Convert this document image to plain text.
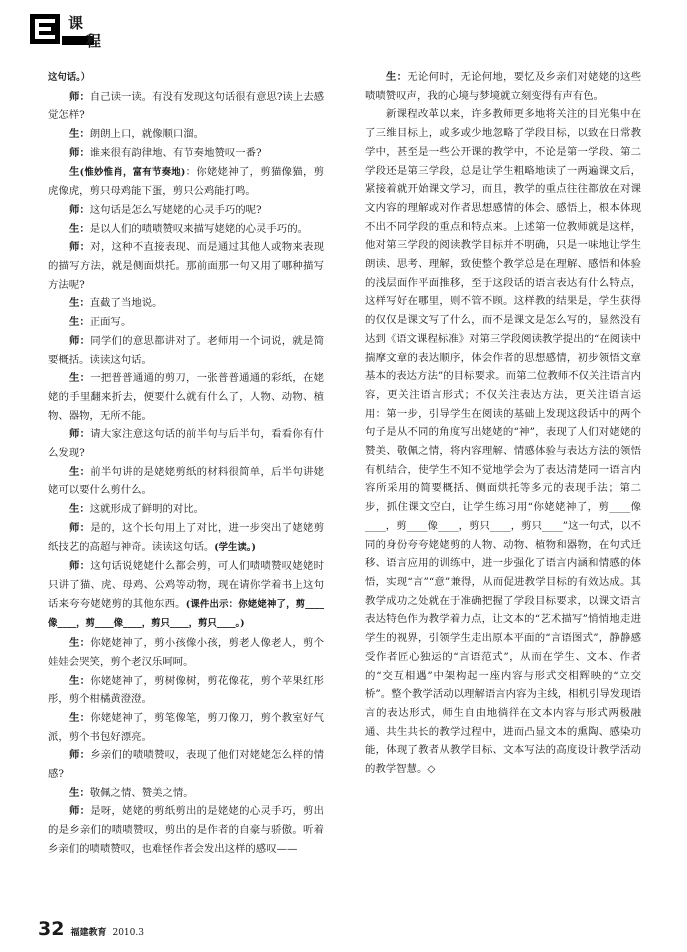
课
程

这句话。）

师：自己读一读。有没有发现这句话很有意思?读上去感觉怎样?

生：朗朗上口，就像顺口溜。

师：谁来很有韵律地、有节奏地赞叹一番?

生(惟妙惟肖，富有节奏地)：你姥姥神了，剪猫像猫，剪虎像虎，剪只母鸡能下蛋，剪只公鸡能打鸣。

师：这句话是怎么写姥姥的心灵手巧的呢?

生：是以人们的啧啧赞叹来描写姥姥的心灵手巧的。

师：对，这种不直接表现、而是通过其他人或物来表现的描写方法，就是侧面烘托。那前面那一句又用了哪种描写方法呢?

生：直截了当地说。

生：正面写。

师：同学们的意思都讲对了。老师用一个词说，就是简要概括。读读这句话。

生：一把普普通通的剪刀，一张普普通通的彩纸，在姥姥的手里翻来折去，便要什么就有什么了，人物、动物、植物、器物，无所不能。

师：请大家注意这句话的前半句与后半句，看看你有什么发现?

生：前半句讲的是姥姥剪纸的材料很简单，后半句讲姥姥可以要什么剪什么。

生：这就形成了鲜明的对比。

师：是的，这个长句用上了对比，进一步突出了姥姥剪纸技艺的高超与神奇。读读这句话。(学生读。)

师：这句话说姥姥什么都会剪，可人们啧啧赞叹姥姥时只讲了猫、虎、母鸡、公鸡等动物，现在请你学着书上这句话来夸夸姥姥剪的其他东西。(课件出示：你姥姥神了，剪____像____，剪____像____，剪只____，剪只____。)

生：你姥姥神了，剪小孩像小孩，剪老人像老人，剪个娃娃会哭笑，剪个老汉乐呵呵。

生：你姥姥神了，剪树像树，剪花像花，剪个苹果红彤彤，剪个柑橘黄澄澄。

生：你姥姥神了，剪笔像笔，剪刀像刀，剪个教室好气派，剪个书包好漂亮。

师：乡亲们的啧啧赞叹，表现了他们对姥姥怎么样的情感?

生：敬佩之情、赞美之情。

师：是呀，姥姥的剪纸剪出的是姥姥的心灵手巧，剪出的是乡亲们的啧啧赞叹，剪出的是作者的自豪与骄傲。听着乡亲们的啧啧赞叹，也难怪作者会发出这样的感叹——

生：无论何时，无论何地，要忆及乡亲们对姥姥的这些啧啧赞叹声，我的心境与梦境就立刻变得有声有色。

新课程改革以来，许多教师更多地将关注的目光集中在了三维目标上，或多或少地忽略了学段目标，以致在日常教学中，甚至是一些公开课的教学中，不论是第一学段、第二学段还是第三学段，总是让学生粗略地读了一两遍课文后，紧接着就开始课文学习，而且，教学的重点往往都放在对课文内容的理解或对作者思想感情的体会、感悟上，根本体现不出不同学段的重点和特点来。上述第一位教师就是这样，他对第三学段的阅读教学目标并不明确，只是一味地让学生朗读、思考、理解，致使整个教学总是在理解、感悟和体验的浅层面作平面推移，至于这段话的语言表达有什么特点，这样写好在哪里，则不管不顾。这样教的结果是，学生获得的仅仅是课文写了什么，而不是课文是怎么写的，显然没有达到《语文课程标准》对第三学段阅读教学提出的“在阅读中揣摩文章的表达顺序，体会作者的思想感情，初步领悟文章基本的表达方法”的目标要求。而第二位教师不仅关注语言内容，更关注语言形式；不仅关注表达方法，更关注语言运用：第一步，引导学生在阅读的基础上发现这段话中的两个句子是从不同的角度写出姥姥的“神”，表现了人们对姥姥的赞美、敬佩之情，将内容理解、情感体验与表达方法的领悟有机结合，使学生不知不觉地学会为了表达清楚同一语言内容所采用的简要概括、侧面烘托等多元的表现手法；第二步，抓住课文空白，让学生练习用“你姥姥神了，剪____像____，剪____像____，剪只____，剪只____”这一句式，以不同的身份夸夸姥姥剪的人物、动物、植物和器物，在句式迁移、语言应用的训练中，进一步强化了语言内涵和情感的体悟，实现“言”“意”兼得，从而促进教学目标的有效达成。其教学成功之处就在于准确把握了学段目标要求，以课文语言表达特色作为教学着力点，让文本的“艺术描写”悄悄地走进学生的视界，引领学生走出原本平面的“言语图式”，静静感受作者匠心独运的“言语范式”，从而在学生、文本、作者的“交互相遇”中架构起一座内容与形式交相辉映的“立交桥”。整个教学活动以理解语言内容为主线，相机引导发现语言的表达形式，师生自由地徜徉在文本内容与形式两极融通、共生共长的教学过程中，进而凸显文本的熏陶、感染功能，体现了教者从教学目标、文本写法的高度设计教学活动的教学智慧。◇

32 福建教育 2010.3
